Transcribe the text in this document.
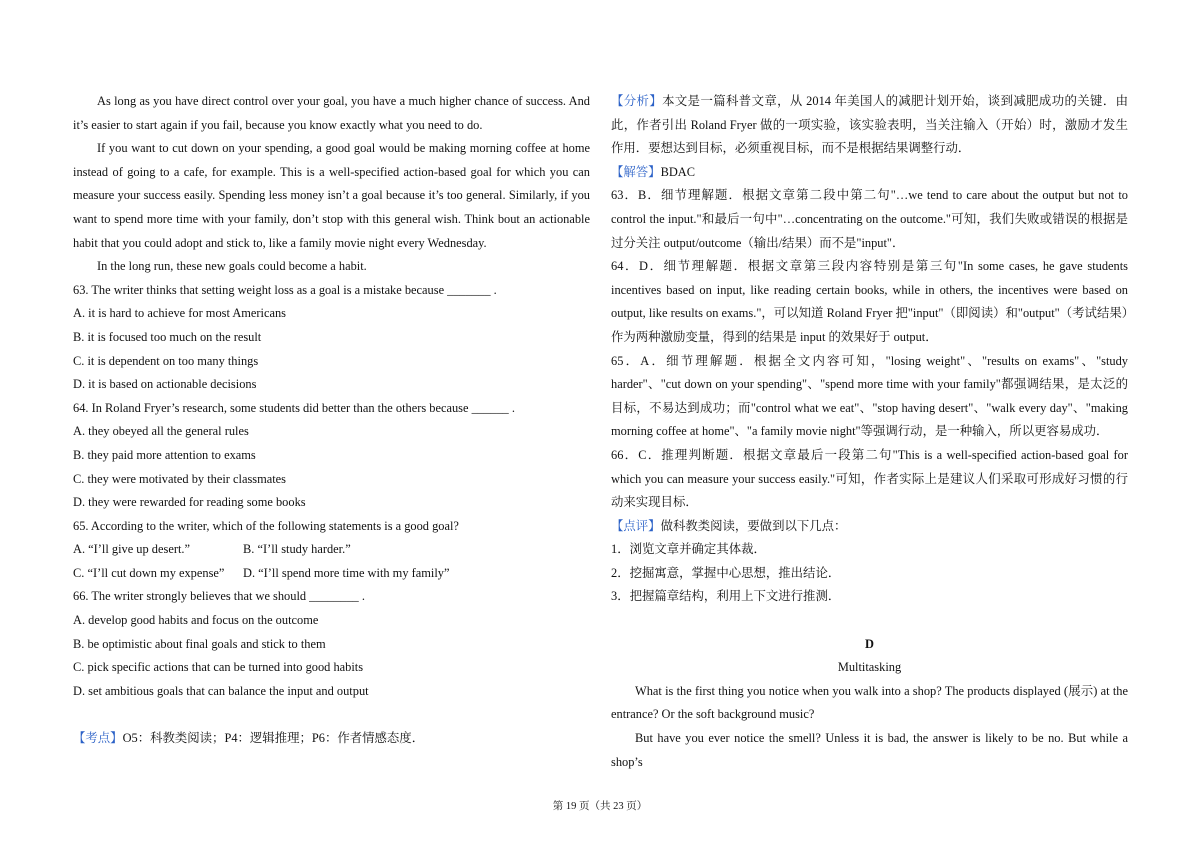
As long as you have direct control over your goal, you have a much higher chance of success. And it’s easier to start again if you fail, because you know exactly what you need to do.

If you want to cut down on your spending, a good goal would be making morning coffee at home instead of going to a cafe, for example. This is a well-specified action-based goal for which you can measure your success easily. Spending less money isn’t a goal because it’s too general. Similarly, if you want to spend more time with your family, don’t stop with this general wish. Think bout an actionable habit that you could adopt and stick to, like a family movie night every Wednesday.

In the long run, these new goals could become a habit.

63. The writer thinks that setting weight loss as a goal is a mistake because _______ .

A. it is hard to achieve for most Americans

B. it is focused too much on the result

C. it is dependent on too many things

D. it is based on actionable decisions

64. In Roland Fryer’s research, some students did better than the others because ______ .

A. they obeyed all the general rules

B. they paid more attention to exams

C. they were motivated by their classmates

D. they were rewarded for reading some books

65. According to the writer, which of the following statements is a good goal?

A. “I’ll give up desert.”	B. “I’ll study harder.”
C. “I’ll cut down my expense”	D. “I’ll spend more time with my family”

66. The writer strongly believes that we should ________ .

A. develop good habits and focus on the outcome

B. be optimistic about final goals and stick to them

C. pick specific actions that can be turned into good habits

D. set ambitious goals that can balance the input and output

【考点】O5：科教类阅读；P4：逻辑推理；P6：作者情感态度．

【分析】本文是一篇科普文章，从 2014 年美国人的减肥计划开始，谈到减肥成功的关键．由此，作者引出 Roland Fryer 做的一项实验，该实验表明，当关注输入（开始）时，激励才发生作用．要想达到目标，必须重视目标，而不是根据结果调整行动．

【解答】BDAC

63．B．细节理解题．根据文章第二段中第二句"…we tend to care about the output but not to control the input."和最后一句中"…concentrating on the outcome."可知，我们失败或错误的根据是过分关注 output/outcome（输出/结果）而不是"input"．

64．D．细节理解题．根据文章第三段内容特别是第三句"In some cases, he gave students incentives based on input, like reading certain books, while in others, the incentives were based on output, like results on exams."，可以知道 Roland Fryer 把"input"（即阅读）和"output"（考试结果）作为两种激励变量，得到的结果是 input 的效果好于 output．

65．A．细节理解题．根据全文内容可知，"losing weight"、"results on exams"、"study harder"、"cut down on your spending"、"spend more time with your family"都强调结果，是太泛的目标，不易达到成功；而"control what we eat"、"stop having desert"、"walk every day"、"making morning coffee at home"、"a family movie night"等强调行动，是一种输入，所以更容易成功．

66．C．推理判断题．根据文章最后一段第二句"This is a well-specified action-based goal for which you can measure your success easily."可知，作者实际上是建议人们采取可形成好习惯的行动来实现目标．

【点评】做科教类阅读，要做到以下几点：

1．浏览文章并确定其体裁．

2．挖掘寓意，掌握中心思想，推出结论．

3．把握篇章结构，利用上下文进行推测．

D

Multitasking

What is the first thing you notice when you walk into a shop? The products displayed (展示) at the entrance? Or the soft background music?

But have you ever notice the smell? Unless it is bad, the answer is likely to be no. But while a shop’s

第 19 页（共 23 页）
